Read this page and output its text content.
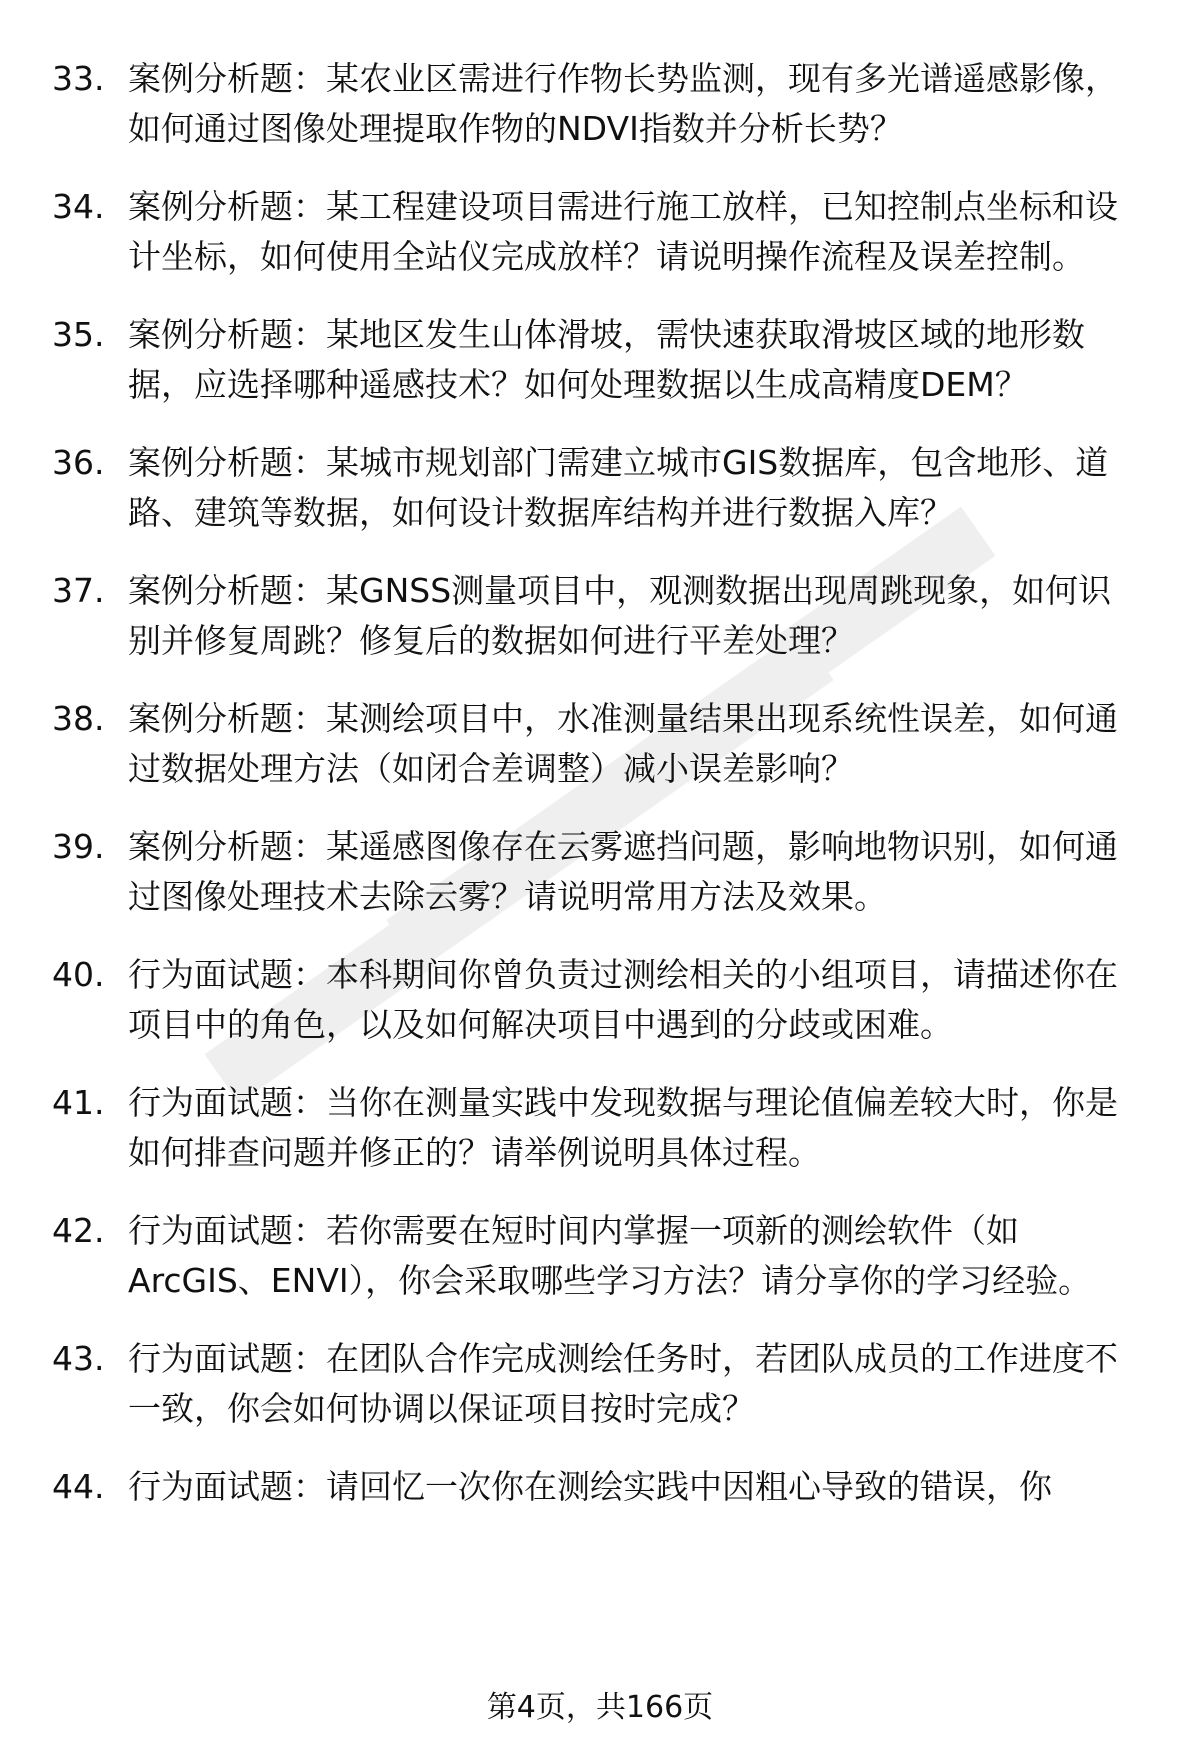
33. 案例分析题：某农业区需进行作物长势监测，现有多光谱遥感影像，如何通过图像处理提取作物的NDVI指数并分析长势？
34. 案例分析题：某工程建设项目需进行施工放样，已知控制点坐标和设计坐标，如何使用全站仪完成放样？请说明操作流程及误差控制。
35. 案例分析题：某地区发生山体滑坡，需快速获取滑坡区域的地形数据，应选择哪种遥感技术？如何处理数据以生成高精度DEM？
36. 案例分析题：某城市规划部门需建立城市GIS数据库，包含地形、道路、建筑等数据，如何设计数据库结构并进行数据入库？
37. 案例分析题：某GNSS测量项目中，观测数据出现周跳现象，如何识别并修复周跳？修复后的数据如何进行平差处理？
38. 案例分析题：某测绘项目中，水准测量结果出现系统性误差，如何通过数据处理方法（如闭合差调整）减小误差影响？
39. 案例分析题：某遥感图像存在云雾遮挡问题，影响地物识别，如何通过图像处理技术去除云雾？请说明常用方法及效果。
40. 行为面试题：本科期间你曾负责过测绘相关的小组项目，请描述你在项目中的角色，以及如何解决项目中遇到的分歧或困难。
41. 行为面试题：当你在测量实践中发现数据与理论值偏差较大时，你是如何排查问题并修正的？请举例说明具体过程。
42. 行为面试题：若你需要在短时间内掌握一项新的测绘软件（如ArcGIS、ENVI），你会采取哪些学习方法？请分享你的学习经验。
43. 行为面试题：在团队合作完成测绘任务时，若团队成员的工作进度不一致，你会如何协调以保证项目按时完成？
44. 行为面试题：请回忆一次你在测绘实践中因粗心导致的错误，你
第4页，共166页
